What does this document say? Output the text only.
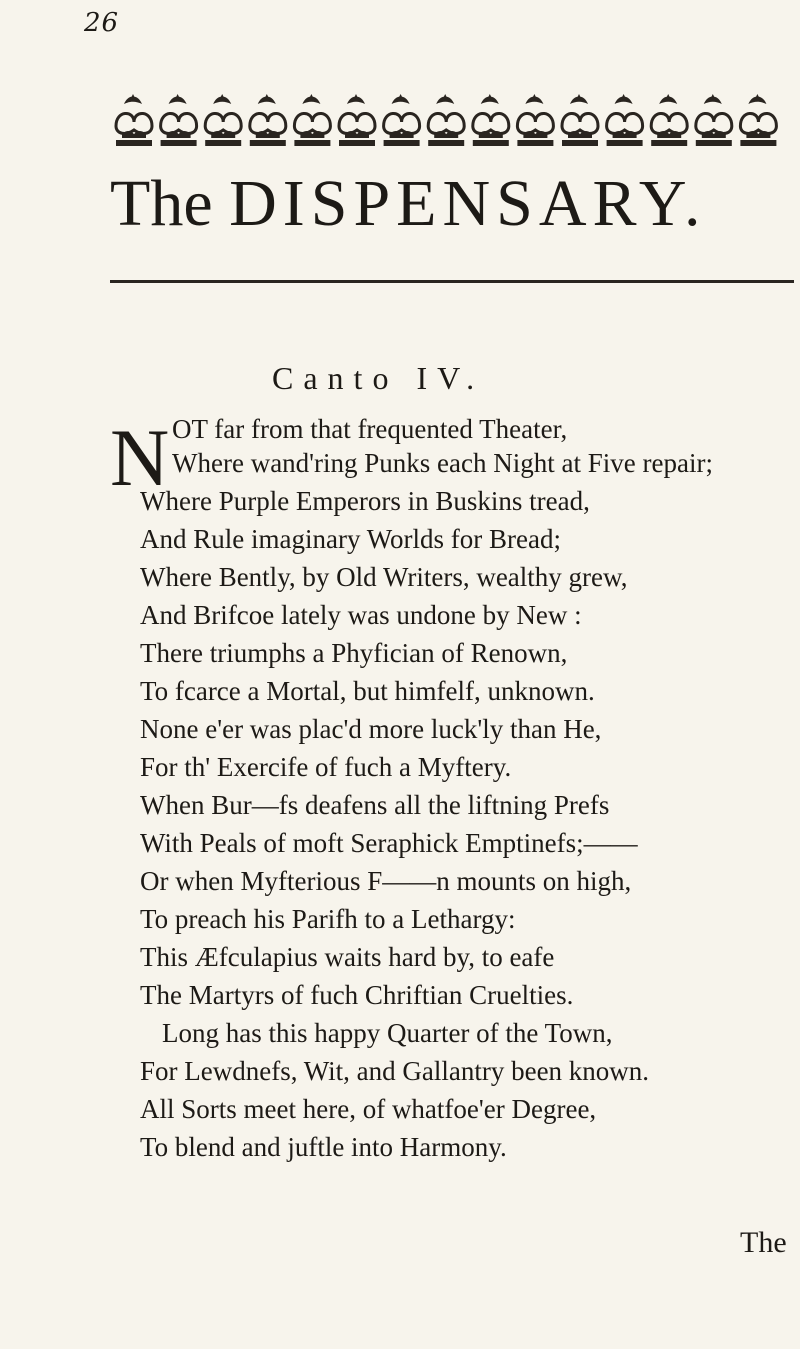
26
The DISPENSARY.
Canto IV.
N OT far from that frequented Theater,
Where wand'ring Punks each Night at Five repair;
Where Purple Emperors in Buskins tread,
And Rule imaginary Worlds for Bread;
Where Bently, by Old Writers, wealthy grew,
And Brifcoe lately was undone by New :
There triumphs a Phyfician of Renown,
To fcarce a Mortal, but himfelf, unknown.
None e'er was plac'd more luck'ly than He,
For th' Exercife of fuch a Myftery.
When Bur—fs deafens all the liftning Prefs
With Peals of moft Seraphick Emptinefs;——
Or when Myfterious F——n mounts on high,
To preach his Parifh to a Lethargy:
This Æfculapius waits hard by, to eafe
The Martyrs of fuch Chriftian Cruelties.
Long has this happy Quarter of the Town,
For Lewdnefs, Wit, and Gallantry been known.
All Sorts meet here, of whatfoe'er Degree,
To blend and juftle into Harmony.
The
